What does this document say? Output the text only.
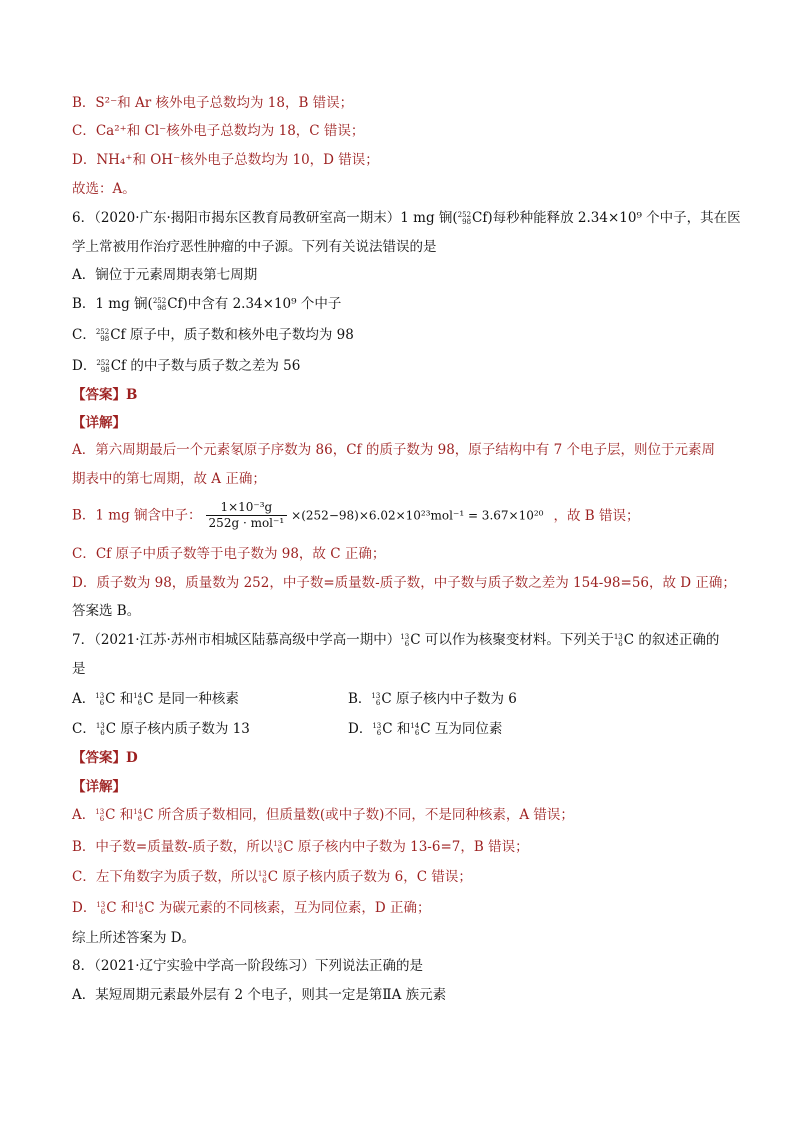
B．S²⁻和 Ar 核外电子总数均为 18，B 错误；
C．Ca²⁺和 Cl⁻核外电子总数均为 18，C 错误；
D．NH₄⁺和 OH⁻核外电子总数均为 10，D 错误；
故选：A。
6．（2020·广东·揭阳市揭东区教育局教研室高一期末）1 mg 锎( 252
98 Cf)每秒种能释放 2.34×10⁹ 个中子，其在医
学上常被用作治疗恶性肿瘤的中子源。下列有关说法错误的是
A．锎位于元素周期表第七周期
B．1 mg 锎( 252
98 Cf)中含有 2.34×10⁹ 个中子
C． 252
98 Cf 原子中，质子数和核外电子数均为 98
D． 252
98 Cf 的中子数与质子数之差为 56
【答案】B
【详解】
A．第六周期最后一个元素氡原子序数为 86，Cf 的质子数为 98，原子结构中有 7 个电子层，则位于元素周
期表中的第七周期，故 A 正确；
B．1 mg 锎含中子： $\frac{\text{1×10⁻³g}}{\text{252g · mol⁻¹}} \times(252-98)\times 6.02\times 10^{23}mol^{-1} = 3.67\times 10^{20}$ ，故 B 错误；
C．Cf 原子中质子数等于电子数为 98，故 C 正确；
D．质子数为 98，质量数为 252，中子数=质量数-质子数，中子数与质子数之差为 154-98=56，故 D 正确；
答案选 B。
7．（2021·江苏·苏州市相城区陆慕高级中学高一期中） 13
6 C 可以作为核聚变材料。下列关于 13
6 C 的叙述正确的
是
A． 13
6 C 和 14
6 C 是同一种核素	B． 13
6 C 原子核内中子数为 6
C． 13
6 C 原子核内质子数为 13	D． 13
6 C 和 14
6 C 互为同位素
【答案】D
【详解】
A． 13
6 C 和 14
6 C 所含质子数相同，但质量数(或中子数)不同，不是同种核素，A 错误；
B．中子数=质量数-质子数，所以 13
6 C 原子核内中子数为 13-6=7，B 错误；
C．左下角数字为质子数，所以 13
6 C 原子核内质子数为 6，C 错误；
D． 13
6 C 和 14
6 C 为碳元素的不同核素，互为同位素，D 正确；
综上所述答案为 D。
8．（2021·辽宁实验中学高一阶段练习）下列说法正确的是
A．某短周期元素最外层有 2 个电子，则其一定是第ⅡA 族元素
